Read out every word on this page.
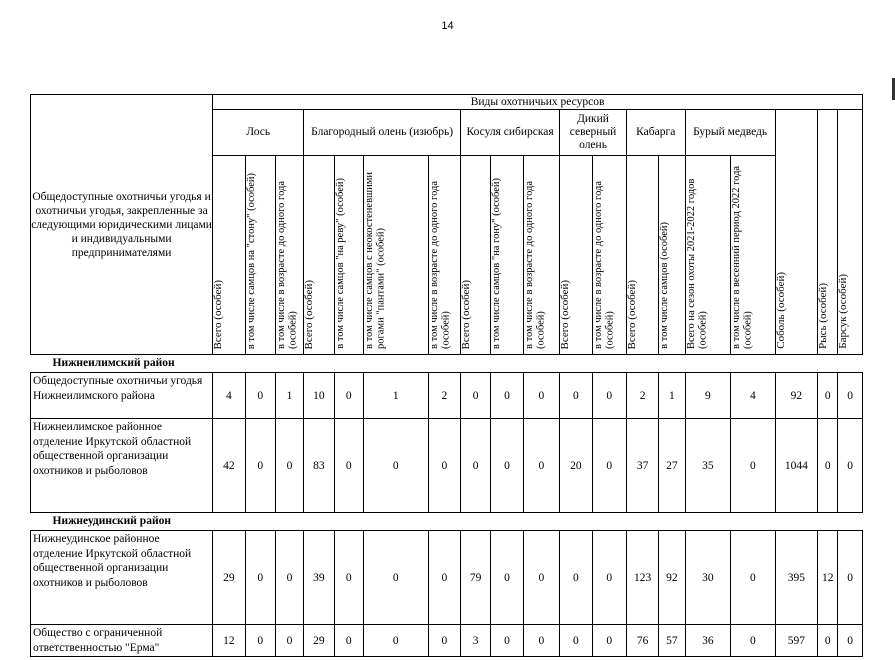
14
Общедоступные охотничьи угодья и охотничьи угодья, закрепленные за следующими юридическими лицами и индивидуальными предпринимателями	Виды охотничьих ресурсов																		
	Лось			Благородный олень (изюбрь)				Косуля сибирская			Дикий северный олень		Кабарга		Бурый медведь		Соболь (особей)	Рысь (особей)	Барсук (особей)
	Всего (особей)	в том числе самцов на "стону" (особей)	в том числе в возрасте до одного года (особей)	Всего (особей)	в том числе самцов "на реву" (особей)	в том числе самцов с неокостеневшими рогами "пантами" (особей)	в том числе в возрасте до одного года (особей)	Всего (особей)	в том числе самцов "на гону" (особей)	в том числе в возрасте до одного года (особей)	Всего (особей)	в том числе в возрасте до одного года (особей)	Всего (особей)	в том числе самцов (особей)	Всего на сезон охоты 2021-2022 годов (особей)	в том числе в весенний период 2022 года (особей)			
Нижнеилимский район																			
Общедоступные охотничьи угодья Нижнеилимского района	4	0	1	10	0	1	2	0	0	0	0	0	2	1	9	4	92	0	0
Нижнеилимское районное отделение Иркутской областной общественной организации охотников и рыболовов	42	0	0	83	0	0	0	0	0	0	20	0	37	27	35	0	1044	0	0
Нижнеудинский район																			
Нижнеудинское районное отделение Иркутской областной общественной организации охотников и рыболовов	29	0	0	39	0	0	0	79	0	0	0	0	123	92	30	0	395	12	0
Общество с ограниченной ответственностью "Ерма"	12	0	0	29	0	0	0	3	0	0	0	0	76	57	36	0	597	0	0
